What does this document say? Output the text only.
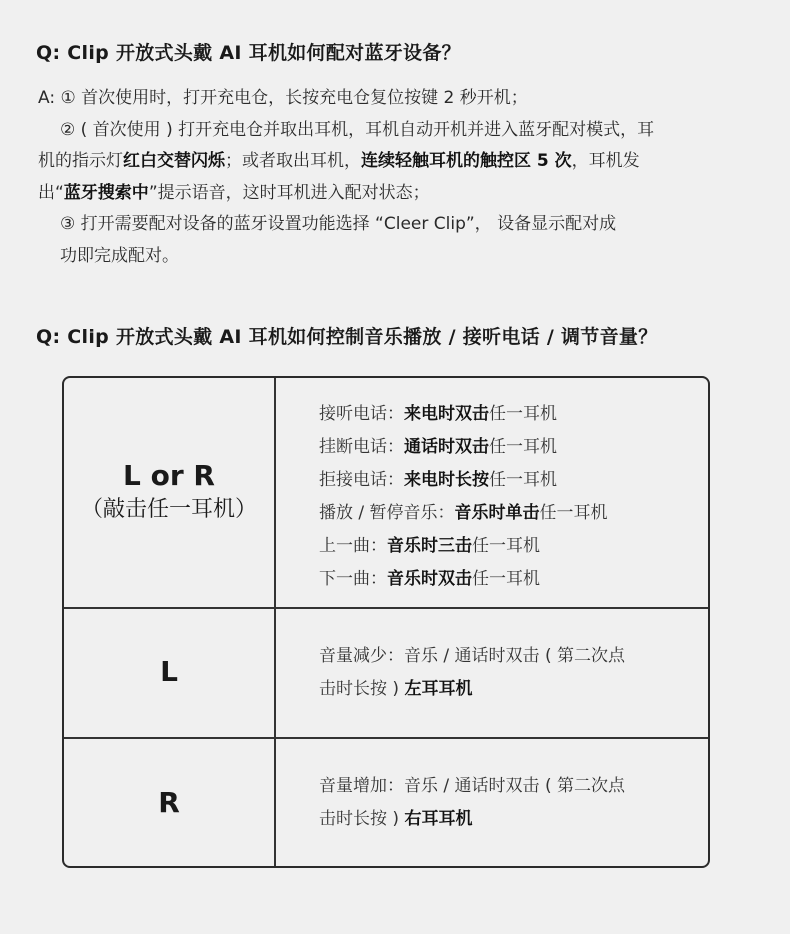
Q: Clip 开放式头戴 AI 耳机如何配对蓝牙设备？
A: ① 首次使用时，打开充电仓，长按充电仓复位按键 2 秒开机；
② ( 首次使用 ) 打开充电仓并取出耳机，耳机自动开机并进入蓝牙配对模式，耳
机的指示灯红白交替闪烁；或者取出耳机，连续轻触耳机的触控区 5 次，耳机发
出“蓝牙搜索中”提示语音，这时耳机进入配对状态；
③ 打开需要配对设备的蓝牙设置功能选择 “Cleer Clip”， 设备显示配对成
功即完成配对。
Q: Clip 开放式头戴 AI 耳机如何控制音乐播放 / 接听电话 / 调节音量？
L or R
（敲击任一耳机）
接听电话：来电时双击任一耳机
挂断电话：通话时双击任一耳机
拒接电话：来电时长按任一耳机
播放 / 暂停音乐：音乐时单击任一耳机
上一曲：音乐时三击任一耳机
下一曲：音乐时双击任一耳机
L	音量减少：音乐 / 通话时双击 ( 第二次点
击时长按 ) 左耳耳机
R	音量增加：音乐 / 通话时双击 ( 第二次点
击时长按 ) 右耳耳机
